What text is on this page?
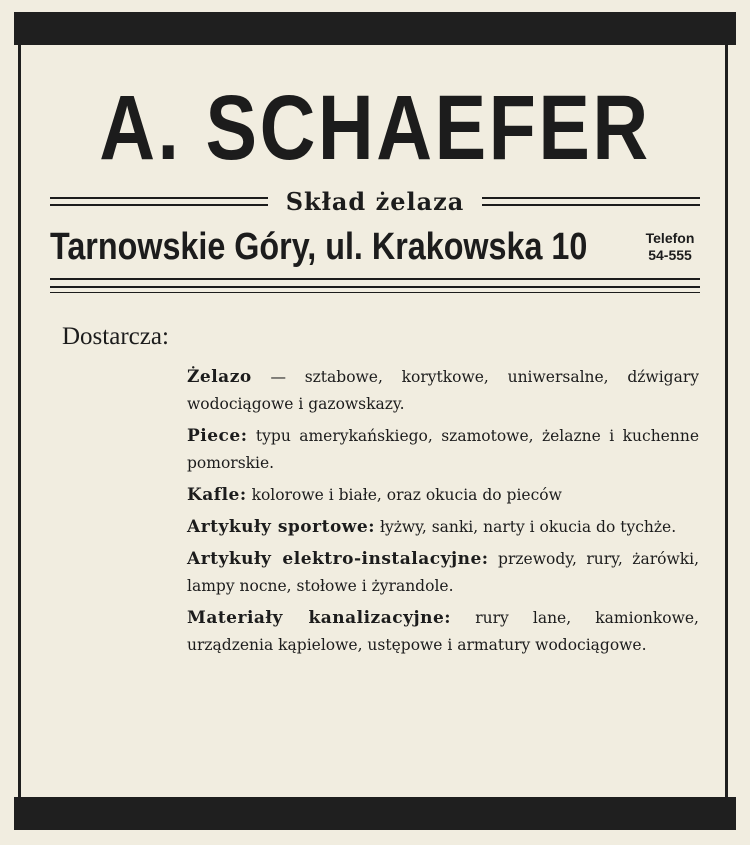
A. SCHAEFER
Skład żelaza
Tarnowskie Góry, ul. Krakowska 10	Telefon
54-555
Dostarcza:
Żelazo — sztabowe, korytkowe, uniwersalne, dźwigary wodociągowe i gazowskazy.
Piece: typu amerykańskiego, szamotowe, żelazne i kuchenne pomorskie.
Kafle: kolorowe i białe, oraz okucia do pieców
Artykuły sportowe: łyżwy, sanki, narty i okucia do tychże.
Artykuły elektro-instalacyjne: przewody, rury, żarówki, lampy nocne, stołowe i żyrandole.
Materiały kanalizacyjne: rury lane, kamionkowe, urządzenia kąpielowe, ustępowe i armatury wodociągowe.
